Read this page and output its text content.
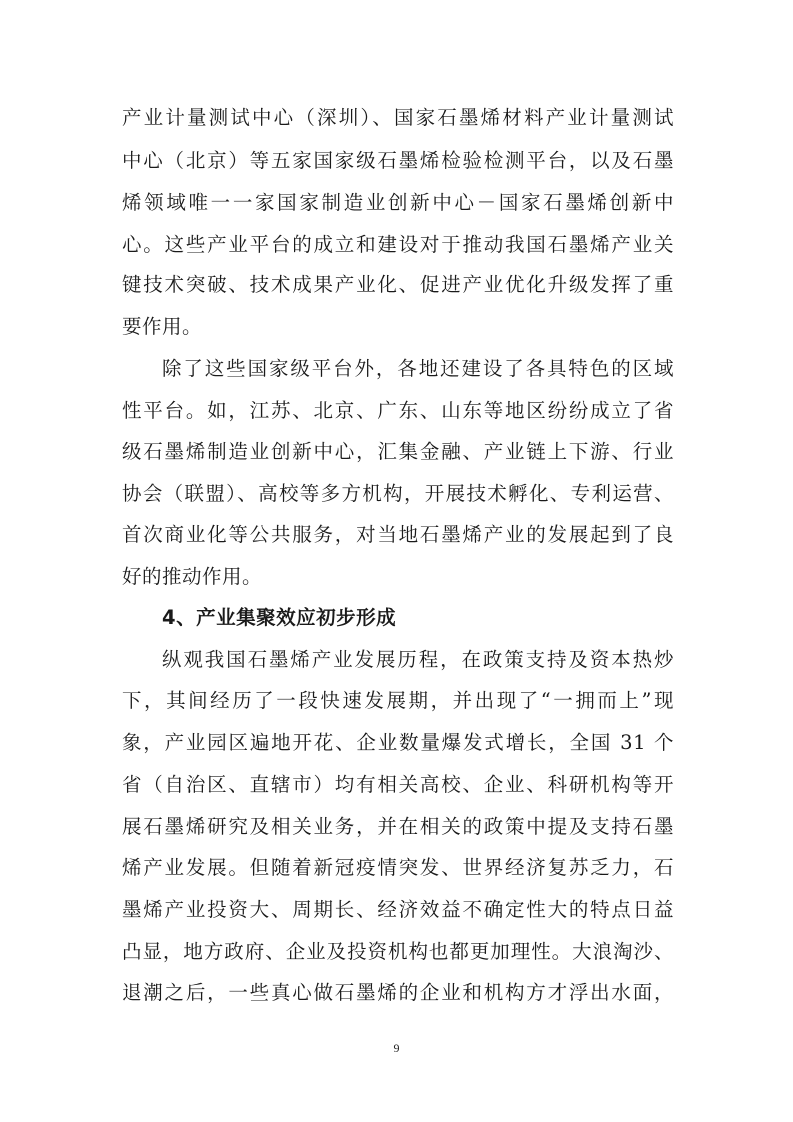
产业计量测试中心（深圳）、国家石墨烯材料产业计量测试
中心（北京）等五家国家级石墨烯检验检测平台，以及石墨
烯领域唯一一家国家制造业创新中心－国家石墨烯创新中
心。这些产业平台的成立和建设对于推动我国石墨烯产业关
键技术突破、技术成果产业化、促进产业优化升级发挥了重
要作用。
除了这些国家级平台外，各地还建设了各具特色的区域
性平台。如，江苏、北京、广东、山东等地区纷纷成立了省
级石墨烯制造业创新中心，汇集金融、产业链上下游、行业
协会（联盟）、高校等多方机构，开展技术孵化、专利运营、
首次商业化等公共服务，对当地石墨烯产业的发展起到了良
好的推动作用。
4、产业集聚效应初步形成
纵观我国石墨烯产业发展历程，在政策支持及资本热炒
下，其间经历了一段快速发展期，并出现了“一拥而上”现
象，产业园区遍地开花、企业数量爆发式增长，全国 31 个
省（自治区、直辖市）均有相关高校、企业、科研机构等开
展石墨烯研究及相关业务，并在相关的政策中提及支持石墨
烯产业发展。但随着新冠疫情突发、世界经济复苏乏力，石
墨烯产业投资大、周期长、经济效益不确定性大的特点日益
凸显，地方政府、企业及投资机构也都更加理性。大浪淘沙、
退潮之后，一些真心做石墨烯的企业和机构方才浮出水面，
9
